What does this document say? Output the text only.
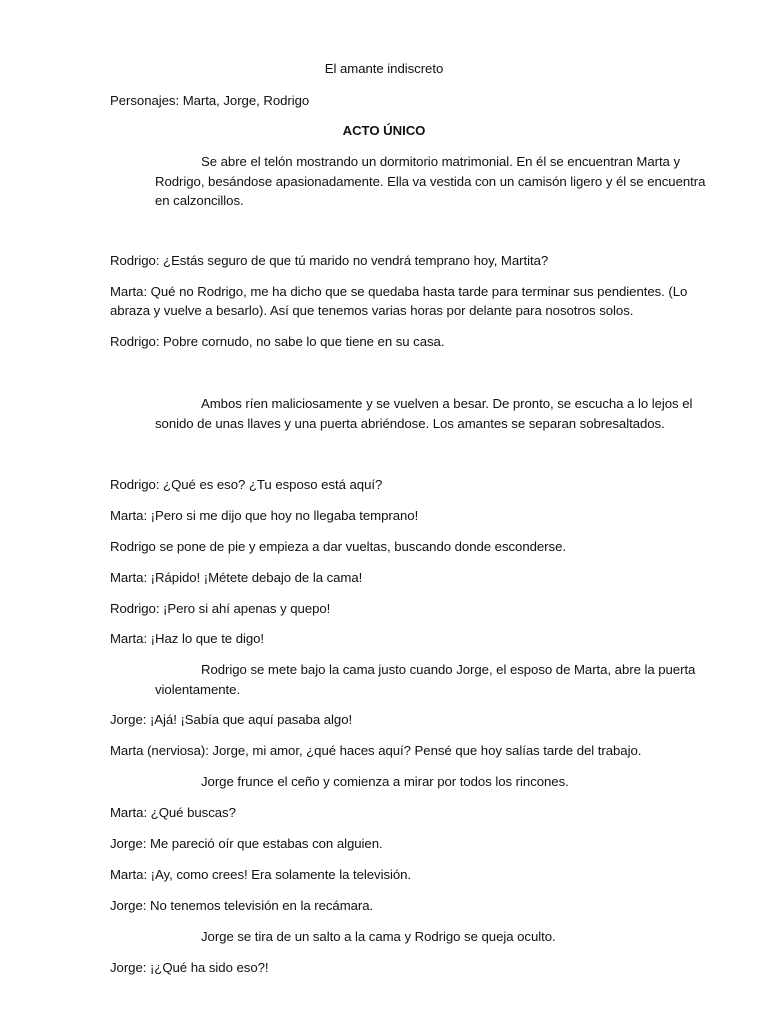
El amante indiscreto
Personajes: Marta, Jorge, Rodrigo
ACTO ÚNICO
Se abre el telón mostrando un dormitorio matrimonial. En él se encuentran Marta y
Rodrigo, besándose apasionadamente. Ella va vestida con un camisón ligero y él se encuentra
en calzoncillos.
Rodrigo: ¿Estás seguro de que tú marido no vendrá temprano hoy, Martita?
Marta: Qué no Rodrigo, me ha dicho que se quedaba hasta tarde para terminar sus pendientes. (Lo
abraza y vuelve a besarlo). Así que tenemos varias horas por delante para nosotros solos.
Rodrigo: Pobre cornudo, no sabe lo que tiene en su casa.
Ambos ríen maliciosamente y se vuelven a besar. De pronto, se escucha a lo lejos el
sonido de unas llaves y una puerta abriéndose. Los amantes se separan sobresaltados.
Rodrigo: ¿Qué es eso? ¿Tu esposo está aquí?
Marta: ¡Pero si me dijo que hoy no llegaba temprano!
Rodrigo se pone de pie y empieza a dar vueltas, buscando donde esconderse.
Marta: ¡Rápido! ¡Métete debajo de la cama!
Rodrigo: ¡Pero si ahí apenas y quepo!
Marta: ¡Haz lo que te digo!
Rodrigo se mete bajo la cama justo cuando Jorge, el esposo de Marta, abre la puerta
violentamente.
Jorge: ¡Ajá! ¡Sabía que aquí pasaba algo!
Marta (nerviosa): Jorge, mi amor, ¿qué haces aquí? Pensé que hoy salías tarde del trabajo.
Jorge frunce el ceño y comienza a mirar por todos los rincones.
Marta: ¿Qué buscas?
Jorge: Me pareció oír que estabas con alguien.
Marta: ¡Ay, como crees! Era solamente la televisión.
Jorge: No tenemos televisión en la recámara.
Jorge se tira de un salto a la cama y Rodrigo se queja oculto.
Jorge: ¡¿Qué ha sido eso?!
